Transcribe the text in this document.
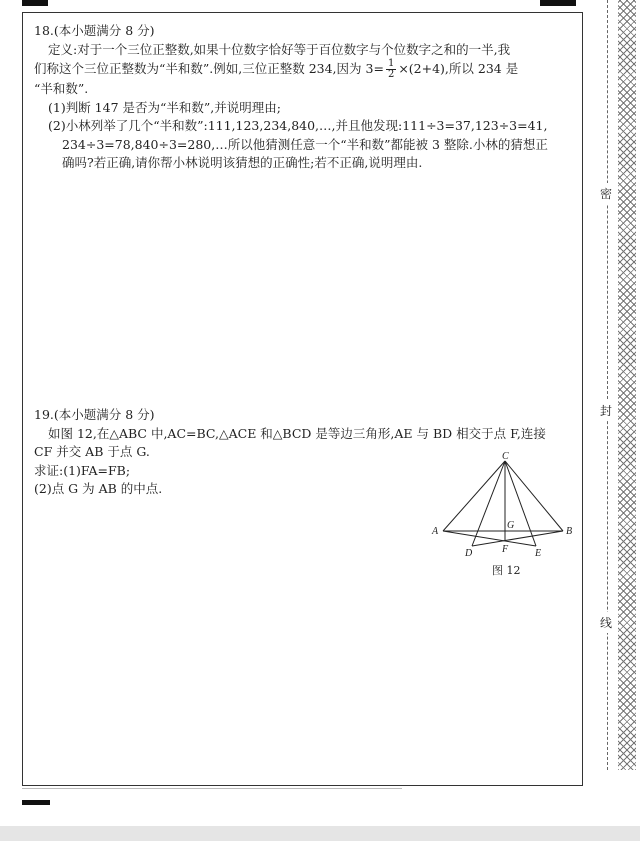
18.(本小题满分 8 分)

定义:对于一个三位正整数,如果十位数字恰好等于百位数字与个位数字之和的一半,我

们称这个三位正整数为“半和数”.例如,三位正整数 234,因为 $3= \frac{1}{2} \times(2+4)$,所以 234 是

“半和数”.

(1)判断 147 是否为“半和数”,并说明理由;

(2)小林列举了几个“半和数”:111,123,234,840,…,并且他发现:111÷3=37,123÷3=41,

234÷3=78,840÷3=280,…所以他猜测任意一个“半和数”都能被 3 整除.小林的猜想正

确吗?若正确,请你帮小林说明该猜想的正确性;若不正确,说明理由.

19.(本小题满分 8 分)

如图 12,在△ABC 中,AC=BC,△ACE 和△BCD 是等边三角形,AE 与 BD 相交于点 F,连接

CF 并交 AB 于点 G.

求证:(1)FA=FB;

(2)点 G 为 AB 的中点.

C
A	B
G
D	F	E
图 12
密
封
线
